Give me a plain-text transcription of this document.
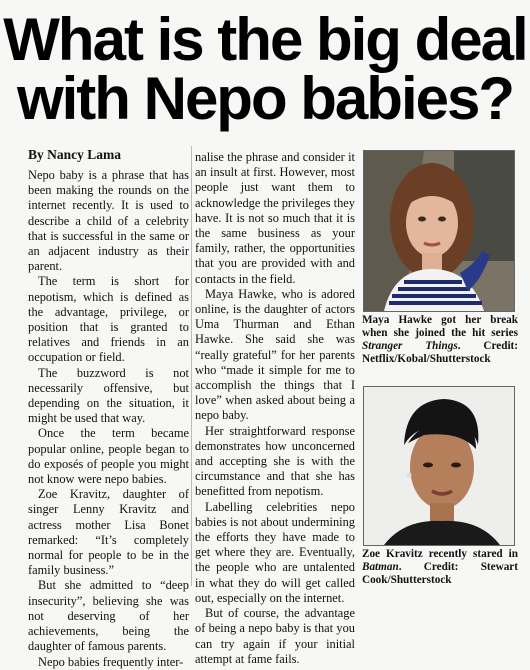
What is the big deal
with Nepo babies?
By Nancy Lama

Nepo baby is a phrase that has been making the rounds on the internet recently. It is used to describe a child of a celebrity that is successful in the same or an adjacent industry as their parent.

The term is short for nepotism, which is defined as the advantage, privilege, or position that is granted to relatives and friends in an occupation or field.

The buzzword is not necessarily offensive, but depending on the situation, it might be used that way.

Once the term became popular online, people began to do exposés of people you might not know were nepo babies.

Zoe Kravitz, daughter of singer Lenny Kravitz and actress mother Lisa Bonet remarked: “It’s completely normal for people to be in the family business.”

But she admitted to “deep insecurity”, believing she was not deserving of her achievements, being the daughter of famous parents.

Nepo babies frequently inter-

nalise the phrase and consider it an insult at first. However, most people just want them to acknowledge the privileges they have. It is not so much that it is the same business as your family, rather, the opportunities that you are provided with and contacts in the field.

Maya Hawke, who is adored online, is the daughter of actors Uma Thurman and Ethan Hawke. She said she was “really grateful” for her parents who “made it simple for me to accomplish the things that I love” when asked about being a nepo baby.

Her straightforward response demonstrates how unconcerned and accepting she is with the circumstance and that she has benefitted from nepotism.

Labelling celebrities nepo babies is not about undermining the efforts they have made to get where they are. Eventually, the people who are untalented in what they do will get called out, especially on the internet.

But of course, the advantage of being a nepo baby is that you can try again if your initial attempt at fame fails.

Maya Hawke got her break when she joined the hit series Stranger Things. Credit: Netflix/Kobal/Shutterstock
Zoe Kravitz recently stared in Batman. Credit: Stewart Cook/Shutterstock
